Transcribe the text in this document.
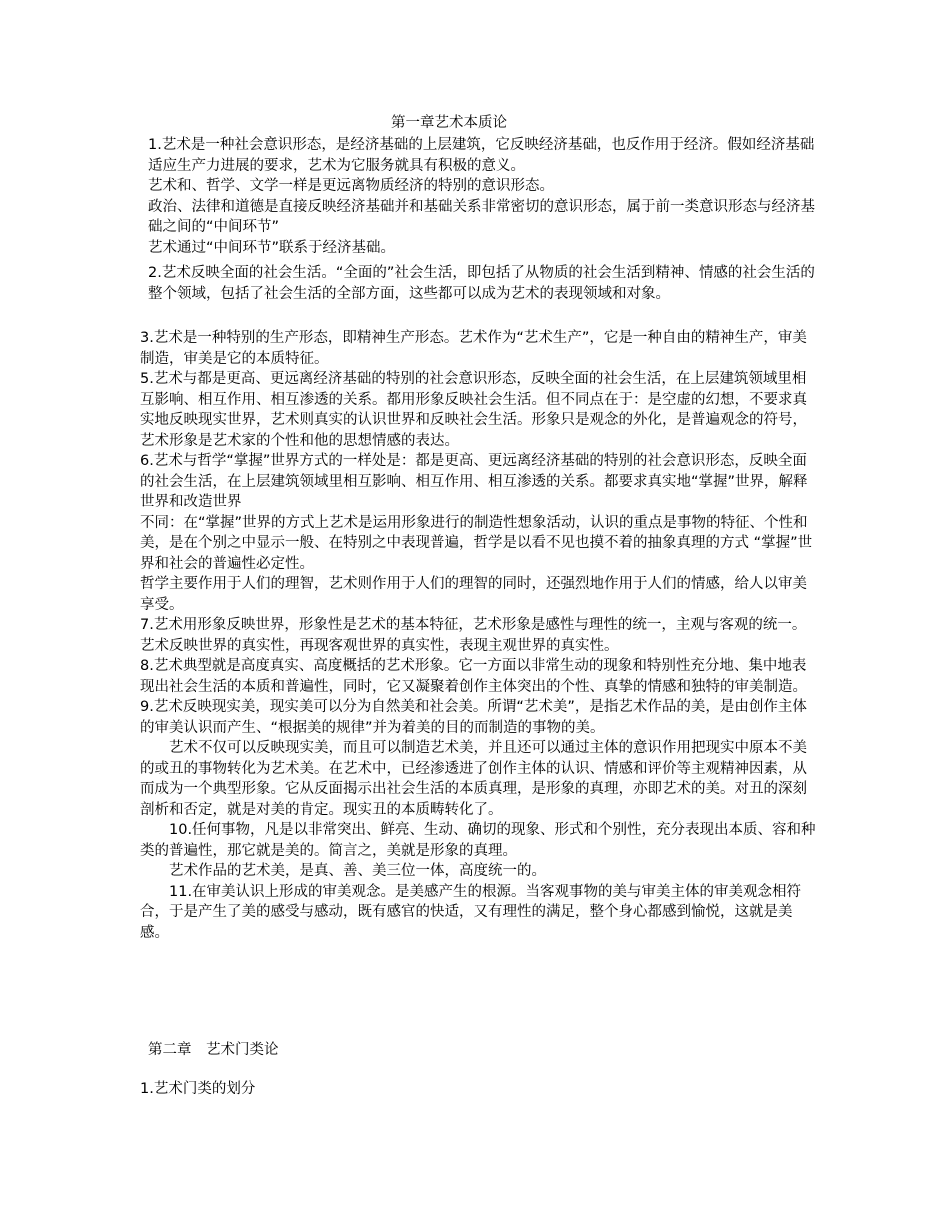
第一章艺术本质论

1.艺术是一种社会意识形态，是经济基础的上层建筑，它反映经济基础，也反作用于经济。假如经济基础适应生产力进展的要求，艺术为它服务就具有积极的意义。

艺术和、哲学、文学一样是更远离物质经济的特别的意识形态。

政治、法律和道德是直接反映经济基础并和基础关系非常密切的意识形态，属于前一类意识形态与经济基础之间的“中间环节”

艺术通过“中间环节”联系于经济基础。

2.艺术反映全面的社会生活。“全面的”社会生活，即包括了从物质的社会生活到精神、情感的社会生活的整个领域，包括了社会生活的全部方面，这些都可以成为艺术的表现领域和对象。

3.艺术是一种特别的生产形态，即精神生产形态。艺术作为“艺术生产”，它是一种自由的精神生产，审美制造，审美是它的本质特征。

5.艺术与都是更高、更远离经济基础的特别的社会意识形态，反映全面的社会生活，在上层建筑领域里相互影响、相互作用、相互渗透的关系。都用形象反映社会生活。但不同点在于：是空虚的幻想，不要求真实地反映现实世界，艺术则真实的认识世界和反映社会生活。形象只是观念的外化，是普遍观念的符号，艺术形象是艺术家的个性和他的思想情感的表达。

6.艺术与哲学“掌握”世界方式的一样处是：都是更高、更远离经济基础的特别的社会意识形态，反映全面的社会生活，在上层建筑领域里相互影响、相互作用、相互渗透的关系。都要求真实地“掌握”世界，解释世界和改造世界

不同：在“掌握”世界的方式上艺术是运用形象进行的制造性想象活动，认识的重点是事物的特征、个性和美，是在个别之中显示一般、在特别之中表现普遍，哲学是以看不见也摸不着的抽象真理的方式 “掌握”世界和社会的普遍性必定性。

哲学主要作用于人们的理智，艺术则作用于人们的理智的同时，还强烈地作用于人们的情感，给人以审美享受。

7.艺术用形象反映世界，形象性是艺术的基本特征，艺术形象是感性与理性的统一，主观与客观的统一。艺术反映世界的真实性，再现客观世界的真实性，表现主观世界的真实性。

8.艺术典型就是高度真实、高度概括的艺术形象。它一方面以非常生动的现象和特别性充分地、集中地表现出社会生活的本质和普遍性，同时，它又凝聚着创作主体突出的个性、真挚的情感和独特的审美制造。

9.艺术反映现实美，现实美可以分为自然美和社会美。所谓“艺术美”，是指艺术作品的美，是由创作主体的审美认识而产生、“根据美的规律”并为着美的目的而制造的事物的美。

艺术不仅可以反映现实美，而且可以制造艺术美，并且还可以通过主体的意识作用把现实中原本不美的或丑的事物转化为艺术美。在艺术中，已经渗透进了创作主体的认识、情感和评价等主观精神因素，从而成为一个典型形象。它从反面揭示出社会生活的本质真理，是形象的真理，亦即艺术的美。对丑的深刻剖析和否定，就是对美的肯定。现实丑的本质畴转化了。

10.任何事物，凡是以非常突出、鲜亮、生动、确切的现象、形式和个别性，充分表现出本质、容和种类的普遍性，那它就是美的。简言之，美就是形象的真理。

艺术作品的艺术美，是真、善、美三位一体，高度统一的。

11.在审美认识上形成的审美观念。是美感产生的根源。当客观事物的美与审美主体的审美观念相符合，于是产生了美的感受与感动，既有感官的快适，又有理性的满足，整个身心都感到愉悦，这就是美感。

第二章　艺术门类论
1.艺术门类的划分
